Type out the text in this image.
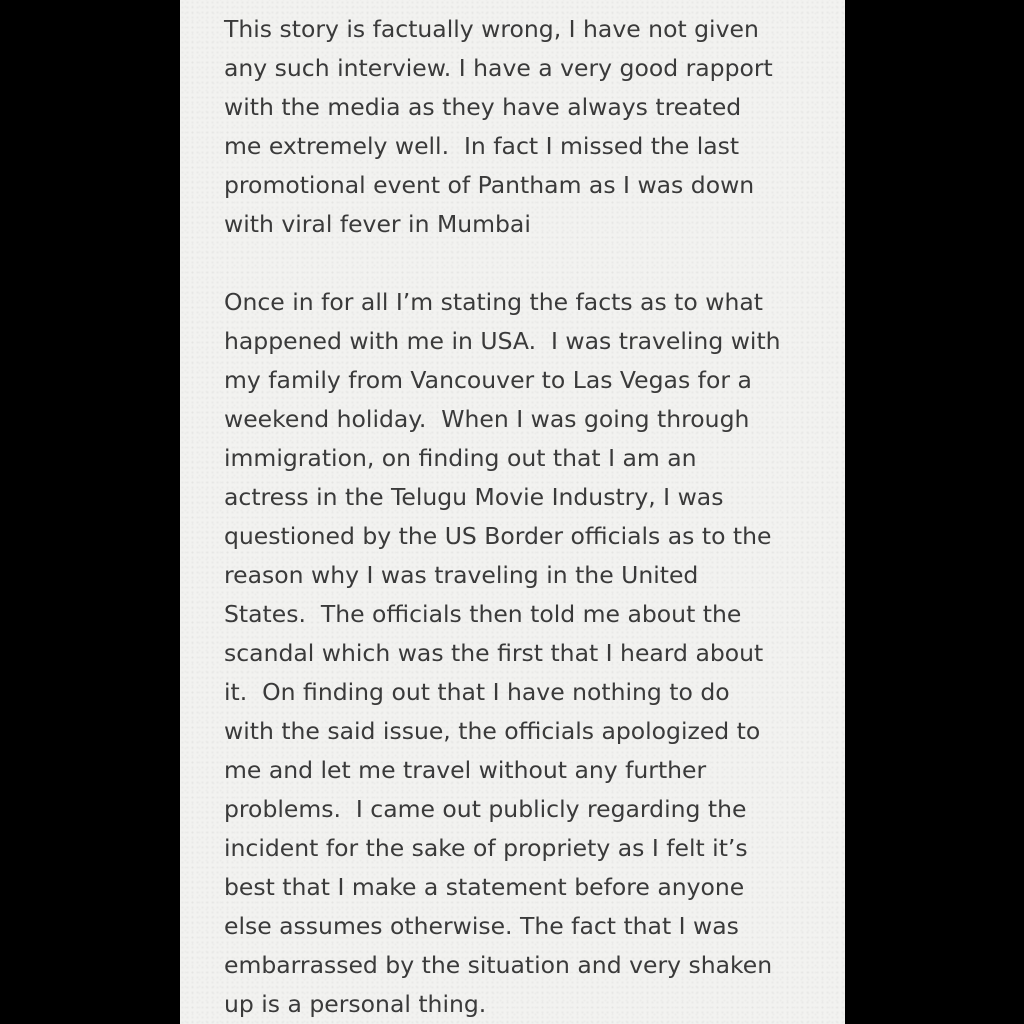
This story is factually wrong, I have not given
any such interview. I have a very good rapport
with the media as they have always treated
me extremely well.  In fact I missed the last
promotional event of Pantham as I was down
with viral fever in Mumbai
Once in for all I’m stating the facts as to what
happened with me in USA.  I was traveling with
my family from Vancouver to Las Vegas for a
weekend holiday.  When I was going through
immigration, on finding out that I am an
actress in the Telugu Movie Industry, I was
questioned by the US Border officials as to the
reason why I was traveling in the United
States.  The officials then told me about the
scandal which was the first that I heard about
it.  On finding out that I have nothing to do
with the said issue, the officials apologized to
me and let me travel without any further
problems.  I came out publicly regarding the
incident for the sake of propriety as I felt it’s
best that I make a statement before anyone
else assumes otherwise. The fact that I was
embarrassed by the situation and very shaken
up is a personal thing.
